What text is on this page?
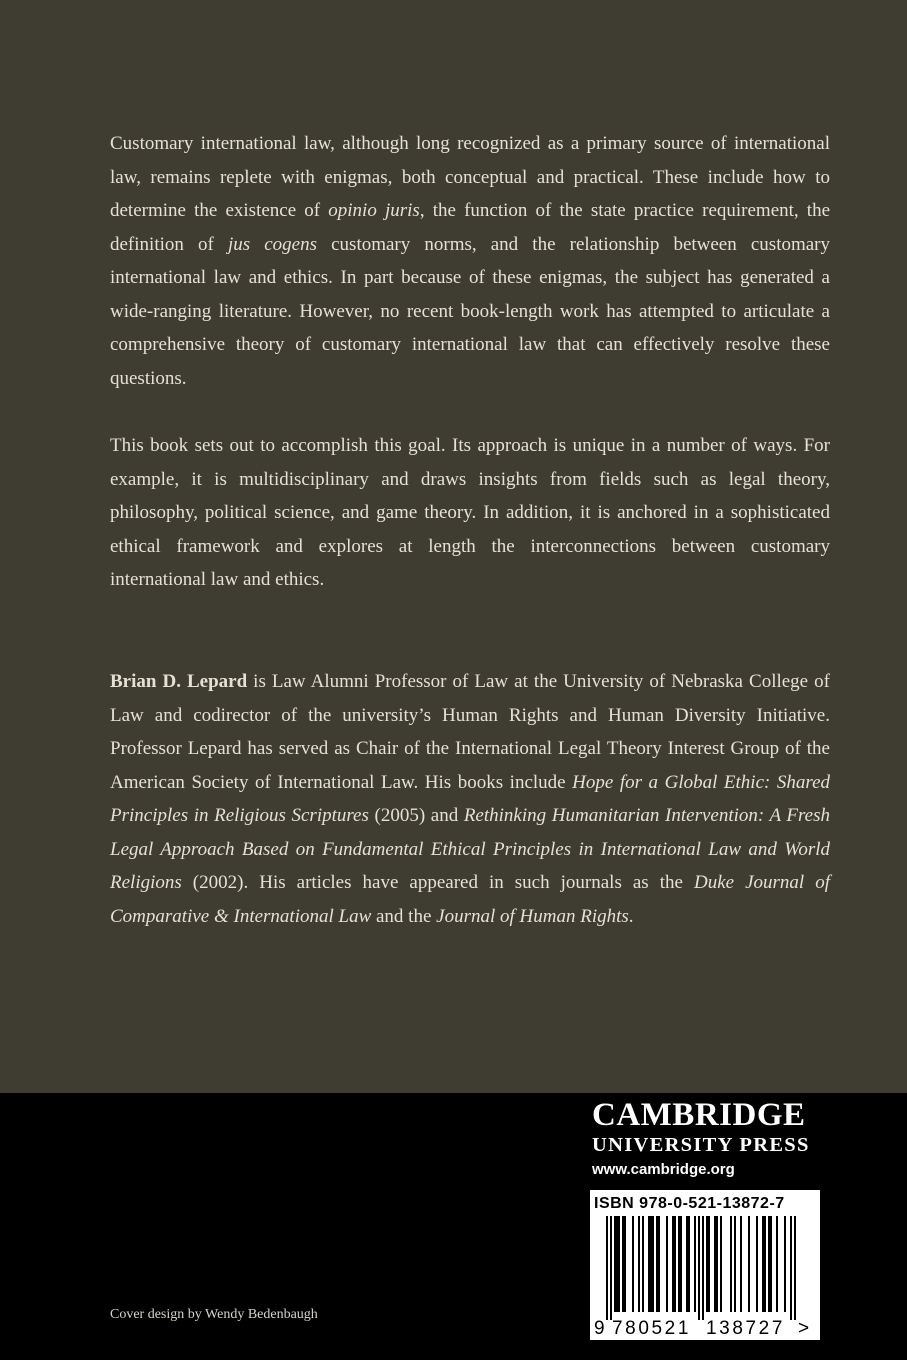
Customary international law, although long recognized as a primary source of international law, remains replete with enigmas, both conceptual and practical. These include how to determine the existence of opinio juris, the function of the state practice requirement, the definition of jus cogens customary norms, and the relationship between customary international law and ethics. In part because of these enigmas, the subject has generated a wide-ranging literature. However, no recent book-length work has attempted to articulate a comprehensive theory of customary international law that can effectively resolve these questions.

This book sets out to accomplish this goal. Its approach is unique in a number of ways. For example, it is multidisciplinary and draws insights from fields such as legal theory, philosophy, political science, and game theory. In addition, it is anchored in a sophisticated ethical framework and explores at length the interconnections between customary international law and ethics.

Brian D. Lepard is Law Alumni Professor of Law at the University of Nebraska College of Law and codirector of the university’s Human Rights and Human Diversity Initiative. Professor Lepard has served as Chair of the International Legal Theory Interest Group of the American Society of International Law. His books include Hope for a Global Ethic: Shared Principles in Religious Scriptures (2005) and Rethinking Humanitarian Intervention: A Fresh Legal Approach Based on Fundamental Ethical Principles in International Law and World Religions (2002). His articles have appeared in such journals as the Duke Journal of Comparative & International Law and the Journal of Human Rights.

CAMBRIDGE

UNIVERSITY PRESS

www.cambridge.org

ISBN 978-0-521-13872-7
9 780521 138727 >
Cover design by Wendy Bedenbaugh
